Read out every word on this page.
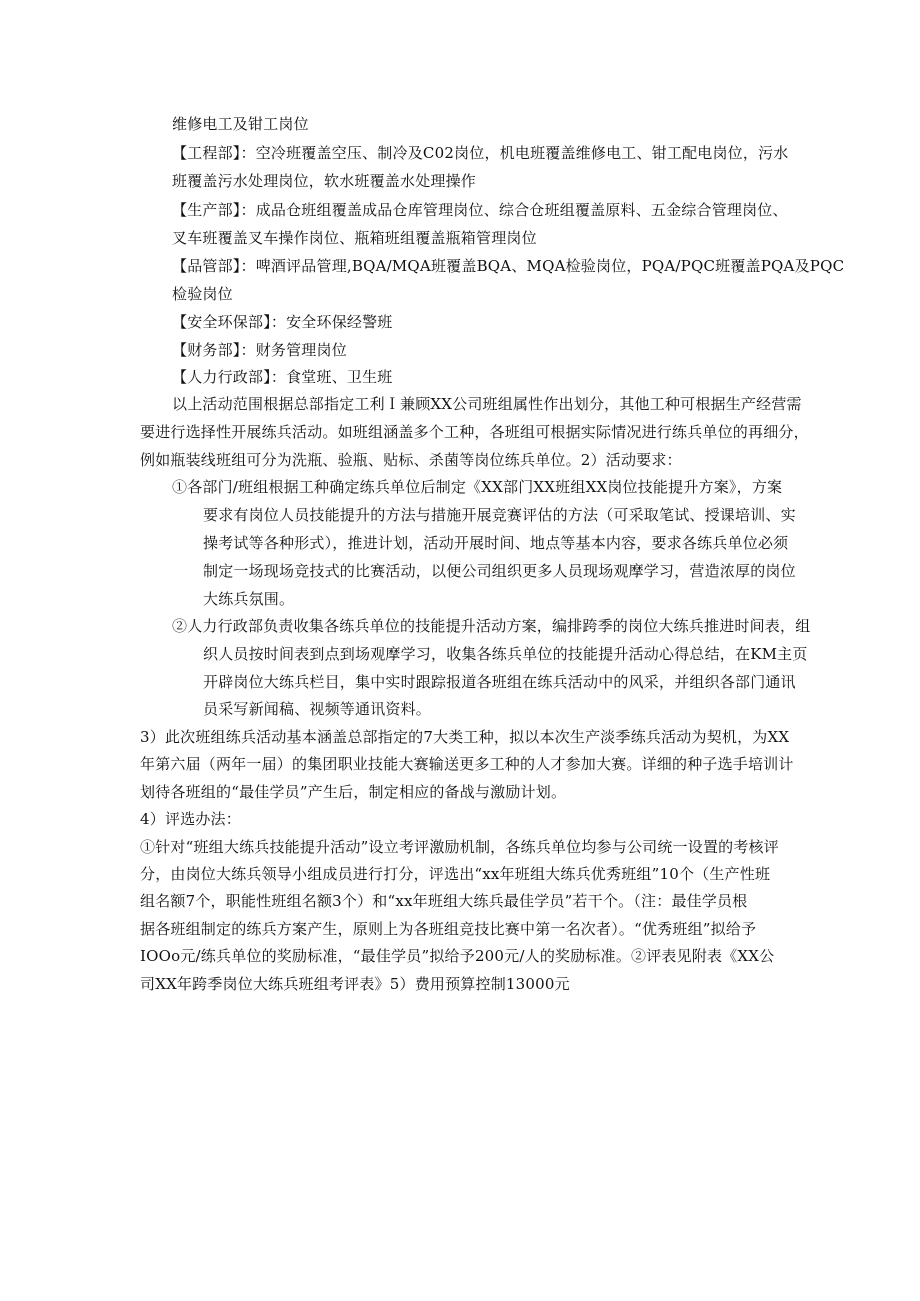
维修电工及钳工岗位
【工程部】：空冷班覆盖空压、制冷及C02岗位，机电班覆盖维修电工、钳工配电岗位，污水
班覆盖污水处理岗位，软水班覆盖水处理操作
【生产部】：成品仓班组覆盖成品仓库管理岗位、综合仓班组覆盖原料、五金综合管理岗位、
叉车班覆盖叉车操作岗位、瓶箱班组覆盖瓶箱管理岗位
【品管部】：啤酒评品管理,BQA/MQA班覆盖BQA、MQA检验岗位，PQA/PQC班覆盖PQA及PQC
检验岗位
【安全环保部】：安全环保经警班
【财务部】：财务管理岗位
【人力行政部】：食堂班、卫生班
以上活动范围根据总部指定工利Ｉ兼顾XX公司班组属性作出划分，其他工种可根据生产经营需
要进行选择性开展练兵活动。如班组涵盖多个工种，各班组可根据实际情况进行练兵单位的再细分，
例如瓶装线班组可分为洗瓶、验瓶、贴标、杀菌等岗位练兵单位。2）活动要求：
①各部门/班组根据工种确定练兵单位后制定《XX部门XX班组XX岗位技能提升方案》，方案
要求有岗位人员技能提升的方法与措施开展竞赛评估的方法（可采取笔试、授课培训、实
操考试等各种形式），推进计划，活动开展时间、地点等基本内容，要求各练兵单位必须
制定一场现场竞技式的比赛活动，以便公司组织更多人员现场观摩学习，营造浓厚的岗位
大练兵氛围。
②人力行政部负责收集各练兵单位的技能提升活动方案，编排跨季的岗位大练兵推进时间表，组
织人员按时间表到点到场观摩学习，收集各练兵单位的技能提升活动心得总结，在KM主页
开辟岗位大练兵栏目，集中实时跟踪报道各班组在练兵活动中的风采，并组织各部门通讯
员采写新闻稿、视频等通讯资料。
3）此次班组练兵活动基本涵盖总部指定的7大类工种，拟以本次生产淡季练兵活动为契机，为XX
年第六届（两年一届）的集团职业技能大赛输送更多工种的人才参加大赛。详细的种子选手培训计
划待各班组的“最佳学员”产生后，制定相应的备战与激励计划。
4）评选办法：
①针对“班组大练兵技能提升活动”设立考评激励机制，各练兵单位均参与公司统一设置的考核评
分，由岗位大练兵领导小组成员进行打分，评选出“xx年班组大练兵优秀班组”10个（生产性班
组名额7个，职能性班组名额3个）和“xx年班组大练兵最佳学员”若干个。（注：最佳学员根
据各班组制定的练兵方案产生，原则上为各班组竞技比赛中第一名次者）。“优秀班组”拟给予
IOOo元/练兵单位的奖励标准，“最佳学员”拟给予200元/人的奖励标准。②评表见附表《XX公
司XX年跨季岗位大练兵班组考评表》5）费用预算控制13000元
